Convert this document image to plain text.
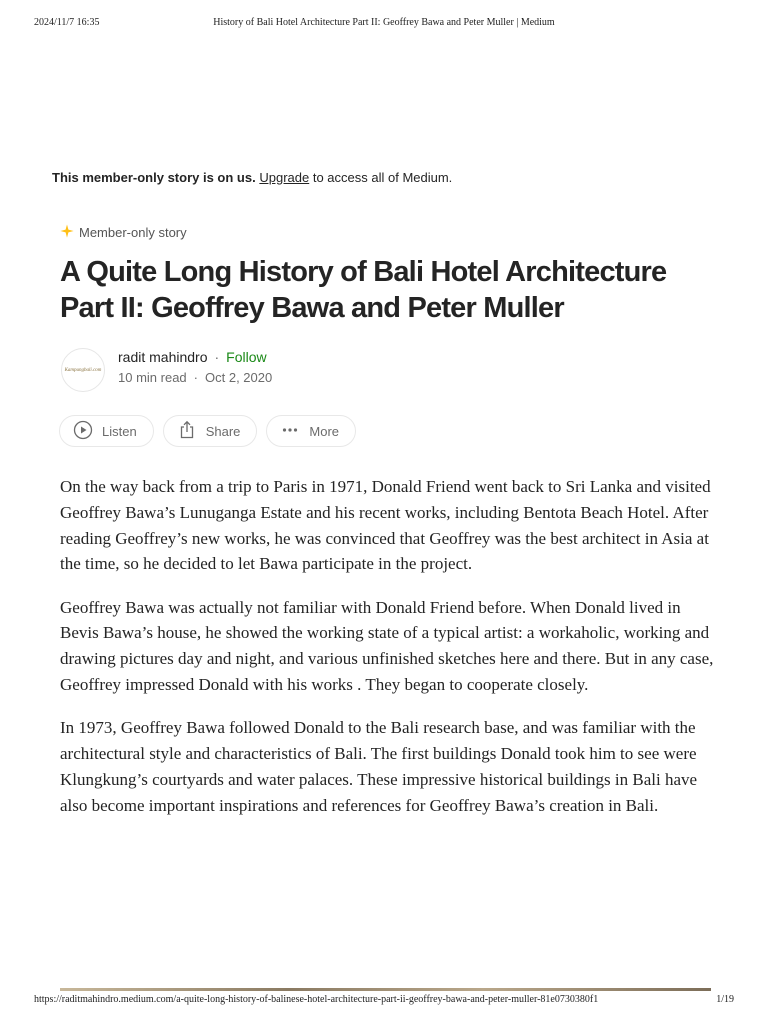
2024/11/7 16:35	History of Bali Hotel Architecture Part II: Geoffrey Bawa and Peter Muller | Medium
This member-only story is on us. Upgrade to access all of Medium.
Member-only story
A Quite Long History of Bali Hotel Architecture Part II: Geoffrey Bawa and Peter Muller
Kampungbali.com
radit mahindro · Follow
10 min read · Oct 2, 2020
Listen	Share	More

On the way back from a trip to Paris in 1971, Donald Friend went back to Sri Lanka and visited Geoffrey Bawa’s Lunuganga Estate and his recent works, including Bentota Beach Hotel. After reading Geoffrey’s new works, he was convinced that Geoffrey was the best architect in Asia at the time, so he decided to let Bawa participate in the project.

Geoffrey Bawa was actually not familiar with Donald Friend before. When Donald lived in Bevis Bawa’s house, he showed the working state of a typical artist: a workaholic, working and drawing pictures day and night, and various unfinished sketches here and there. But in any case, Geoffrey impressed Donald with his works . They began to cooperate closely.

In 1973, Geoffrey Bawa followed Donald to the Bali research base, and was familiar with the architectural style and characteristics of Bali. The first buildings Donald took him to see were Klungkung’s courtyards and water palaces. These impressive historical buildings in Bali have also become important inspirations and references for Geoffrey Bawa’s creation in Bali.

https://raditmahindro.medium.com/a-quite-long-history-of-balinese-hotel-architecture-part-ii-geoffrey-bawa-and-peter-muller-81e0730380f1	1/19
